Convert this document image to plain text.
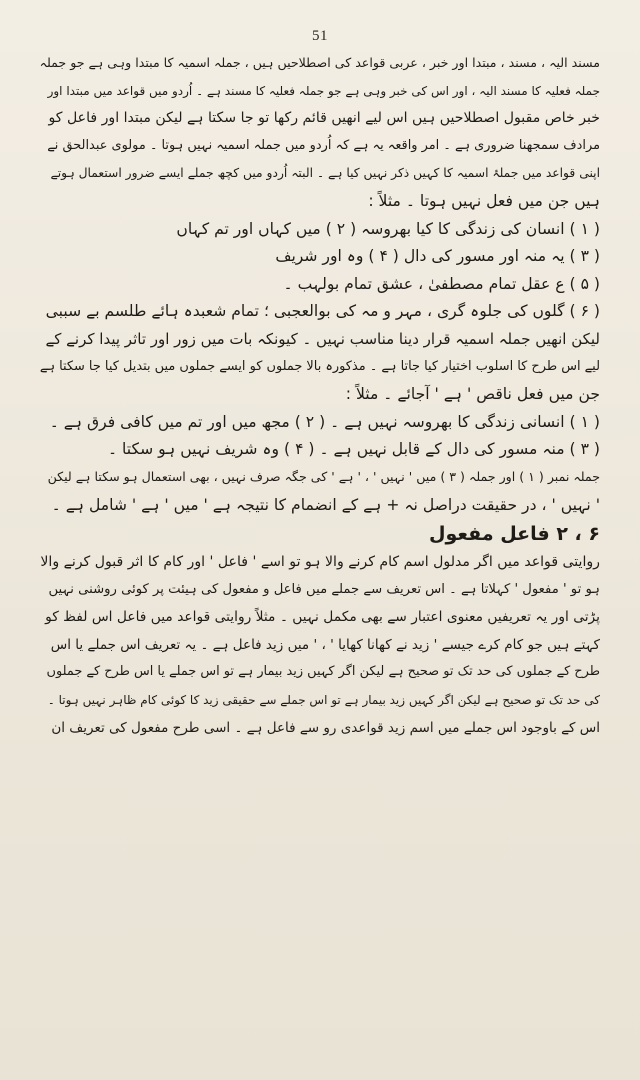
51
مسند الیہ ، مسند ، مبتدا اور خبر ، عربی قواعد کی اصطلاحیں ہیں ، جملہ اسمیہ کا مبتدا وہی ہے جو جملہ
جملہ فعلیہ کا مسند الیہ ، اور اس کی خبر وہی ہے جو جملہ فعلیہ کا مسند ہے ۔ اُردو میں قواعد میں مبتدا اور
خبر خاص مقبول اصطلاحیں ہیں اس لیے انھیں قائم رکھا تو جا سکتا ہے لیکن مبتدا اور فاعل کو
مرادف سمجھنا ضروری ہے ۔ امر واقعہ یہ ہے کہ اُردو میں جملہ اسمیہ نہیں ہوتا ۔ مولوی عبدالحق نے
اپنی قواعد میں جملۂ اسمیہ کا کہیں ذکر نہیں کیا ہے ۔ البتہ اُردو میں کچھ جملے ایسے ضرور استعمال ہوتے
ہیں جن میں فعل نہیں ہوتا ۔ مثلاً :
( ۱ ) انسان کی زندگی کا کیا بھروسہ ( ۲ ) میں کہاں اور تم کہاں
( ۳ ) یہ منہ اور مسور کی دال ( ۴ ) وہ اور شریف
( ۵ ) ع عقل تمام مصطفیٰ ، عشق تمام بولہب ۔
( ۶ ) گلوں کی جلوہ گری ، مہر و مہ کی بوالعجبی ؛ تمام شعبدہ ہائے طلسم بے سببی
لیکن انھیں جملہ اسمیہ قرار دینا مناسب نہیں ۔ کیونکہ بات میں زور اور تاثر پیدا کرنے کے
لیے اس طرح کا اسلوب اختیار کیا جاتا ہے ۔ مذکورہ بالا جملوں کو ایسے جملوں میں بتدیل کیا جا سکتا ہے
جن میں فعل ناقص ' ہے ' آجائے ۔ مثلاً :
( ۱ ) انسانی زندگی کا بھروسہ نہیں ہے ۔ ( ۲ ) مجھ میں اور تم میں کافی فرق ہے ۔
( ۳ ) منہ مسور کی دال کے قابل نہیں ہے ۔ ( ۴ ) وہ شریف نہیں ہو سکتا ۔
جملہ نمبر ( ۱ ) اور جملہ ( ۳ ) میں ' نہیں ' ، ' ہے ' کی جگہ صرف نہیں ، بھی استعمال ہو سکتا ہے لیکن
' نہیں ' ، در حقیقت دراصل نہ + ہے کے انضمام کا نتیجہ ہے ' میں ' ہے ' شامل ہے ۔
۶ ، ۲ فاعل مفعول
روایتی قواعد میں اگر مدلول اسم کام کرنے والا ہو تو اسے ' فاعل ' اور کام کا اثر قبول کرنے والا
ہو تو ' مفعول ' کہلاتا ہے ۔ اس تعریف سے جملے میں فاعل و مفعول کی ہیئت پر کوئی روشنی نہیں
پڑتی اور یہ تعریفیں معنوی اعتبار سے بھی مکمل نہیں ۔ مثلاً روایتی قواعد میں فاعل اس لفظ کو
کہتے ہیں جو کام کرے جیسے ' زید نے کھانا کھایا ' ، ' میں زید فاعل ہے ۔ یہ تعریف اس جملے یا اس
طرح کے جملوں کی حد تک تو صحیح ہے لیکن اگر کہیں زید بیمار ہے تو اس جملے یا اس طرح کے جملوں
کی حد تک تو صحیح ہے لیکن اگر کہیں زید بیمار ہے تو اس جملے سے حقیقی زید کا کوئی کام ظاہر نہیں ہوتا ۔
اس کے باوجود اس جملے میں اسم زید قواعدی رو سے فاعل ہے ۔ اسی طرح مفعول کی تعریف ان
